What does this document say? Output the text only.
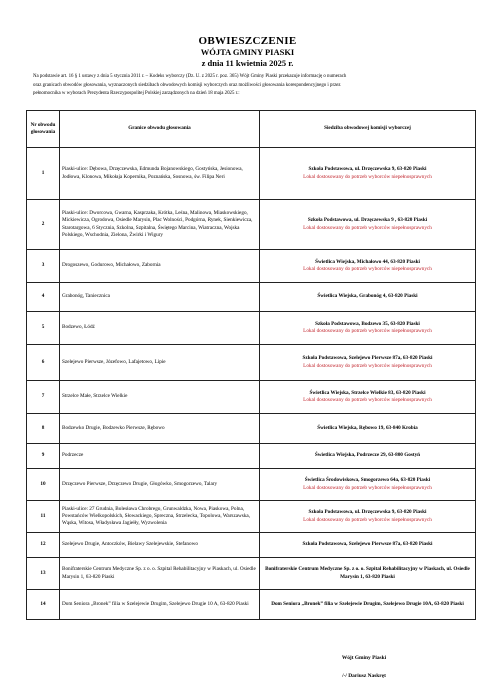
OBWIESZCZENIE
WÓJTA GMINY PIASKI
z dnia 11 kwietnia 2025 r.
Na podstawie art. 16 § 1 ustawy z dnia 5 stycznia 2011 r. – Kodeks wyborczy (Dz. U. z 2025 r. poz. 365) Wójt Gminy Piaski przekazuje informację o numerach
oraz granicach obwodów głosowania, wyznaczonych siedzibach obwodowych komisji wyborczych oraz możliwości głosowania korespondencyjnego i przez
pełnomocnika w wyborach Prezydenta Rzeczypospolitej Polskiej zarządzonych na dzień 18 maja 2025 r.:
Nr obwodu głosowania	Granice obwodu głosowania	Siedziba obwodowej komisji wyborczej
1	Piaski-ulice: Dębowa, Drzęczewska, Edmunda Bojanowskiego, Gostyńska, Jesionowa, Jodłowa, Klonowa, Mikołaja Kopernika, Poznańska, Sosnowa, św. Filipa Neri	Szkoła Podstawowa, ul. Drzęczewska 9, 63-820 Piaski
Lokal dostosowany do potrzeb wyborców niepełnosprawnych

2	Piaski-ulice: Dworcowa, Gwarna, Kasprzaka, Krótka, Leśna, Malinowa, Miaskowskiego, Mickiewicza, Ogrodowa, Osiedle Marysin, Plac Wolności, Podgórna, Rynek, Sienkiewicza, Starotargowa, 6 Stycznia, Szkolna, Szpitalna, Świętego Marcina, Wiatraczna, Wojska Polskiego, Wschodnia, Zielona, Żwirki i Wigury	Szkoła Podstawowa, ul. Drzęczewska 9 , 63-820 Piaski
Lokal dostosowany do potrzeb wyborców niepełnosprawnych

3	Drogoszewo, Godurowo, Michałowo, Zabornia	Świetlica Wiejska, Michałowo 44, 63-820 Piaski
Lokal dostosowany do potrzeb wyborców niepełnosprawnych

4	Grabonóg, Taniecznica	Świetlica Wiejska, Grabonóg 4, 63-820 Piaski
5	Bodzewo, Łódź	Szkoła Podstawowa, Bodzewo 35, 63-820 Piaski
Lokal dostosowany do potrzeb wyborców niepełnosprawnych

6	Szelejewo Pierwsze, Józefowo, Lafajetowo, Lipie	Szkoła Podstawowa, Szelejewo Pierwsze 87a, 63-820 Piaski
Lokal dostosowany do potrzeb wyborców niepełnosprawnych

7	Strzelce Małe, Strzelce Wielkie	Świetlica Wiejska, Strzelce Wielkie 83, 63-820 Piaski
Lokal dostosowany do potrzeb wyborców niepełnosprawnych

8	Bodzewko Drugie, Bodzewko Pierwsze, Rębowo	Świetlica Wiejska, Rębowo 19, 63-840 Krobia
9	Podrzecze	Świetlica Wiejska, Podrzecze 29, 63-800 Gostyń
10	Drzęczewo Pierwsze, Drzęczewo Drugie, Głogówko, Smogorzewo, Talary	Świetlica Środowiskowa, Smogorzewo 64a, 63-820 Piaski
Lokal dostosowany do potrzeb wyborców niepełnosprawnych

11	Piaski-ulice: 27 Grudnia, Bolesława Chrobrego, Grunwaldzka, Nowa, Piaskowa, Polna, Powstańców Wielkopolskich, Słowackiego, Spreczna, Strzelecka, Topolowa, Warszawska, Wąska, Witosa, Władysława Jagiełły, Wyzwolenia	Szkoła Podstawowa, ul. Drzęczewska 9, 63-820 Piaski
Lokal dostosowany do potrzeb wyborców niepełnosprawnych

12	Szelejewo Drugie, Antoczków, Bielawy Szelejewskie, Stefanowo	Szkoła Podstawowa, Szelejewo Pierwsze 87a, 63-820 Piaski
13	Bonifraterskie Centrum Medyczne Sp. z o. o. Szpital Rehabilitacyjny w Piaskach, ul. Osiedle Marysin 1, 63-820 Piaski	Bonifraterskie Centrum Medyczne Sp. z o. o. Szpital Rehabilitacyjny w Piaskach, ul. Osiedle Marysin 1, 63-820 Piaski
14	Dom Seniora „Bronek” filia w Szelejewie Drugim, Szelejewo Drugie 10 A, 63-820 Piaski	Dom Seniora „Bronek” filia w Szelejewie Drugim, Szelejewo Drugie 10A, 63-820 Piaski
Wójt Gminy Piaski
/-/ Dariusz Naskręt
